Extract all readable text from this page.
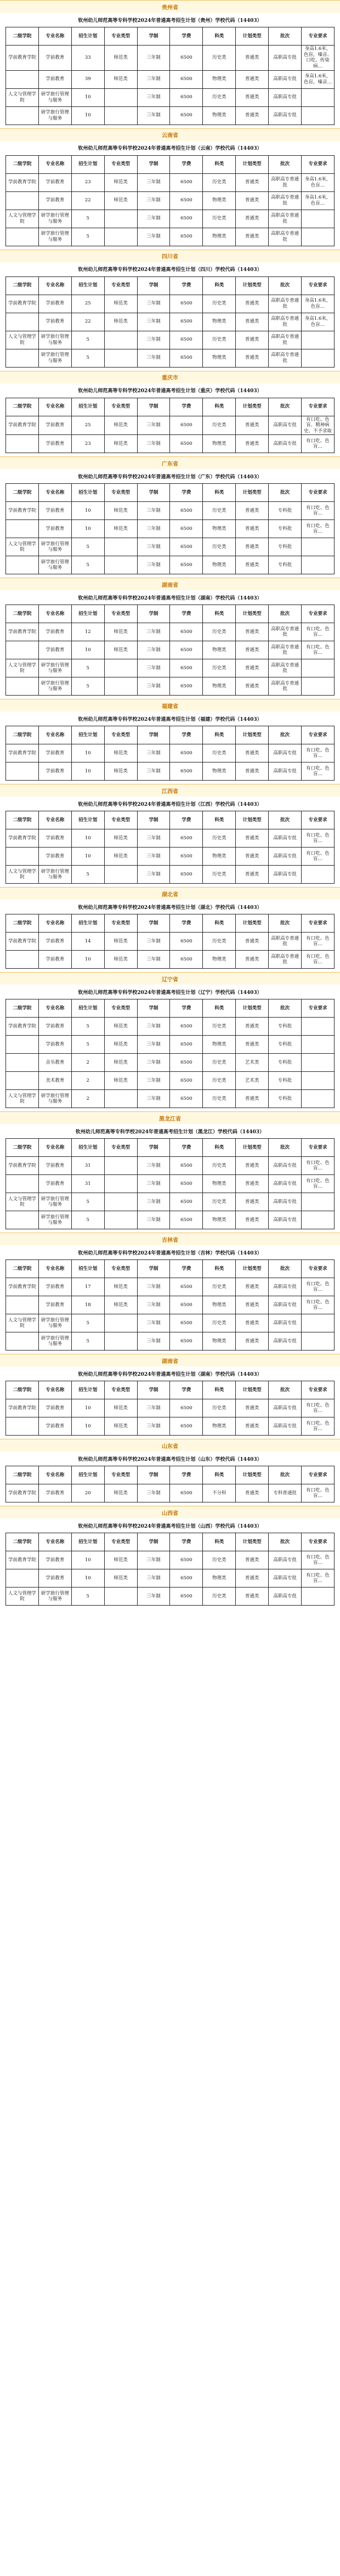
贵州省
钦州幼儿师范高等专科学校2024年普通高考招生计划（贵州）学校代码（14403）
二级学院	专业名称	招生计划	专业类型	学制	学费	科类	计划类型	批次	专业要求
学前教育学院	学前教育	33	师范类	三年制	6500	历史类	普通类	高职高专批	身高1.6米，色盲，嗓音、口吃、传染病…
	学前教育	39	师范类	三年制	6500	物理类	普通类	高职高专批	身高1.6米，色盲，嗓音…
人文与管理学院	研学旅行管理与服务	10		三年制	6500	历史类	普通类	高职高专批	
	研学旅行管理与服务	10		三年制	6500	物理类	普通类	高职高专批	
云南省
钦州幼儿师范高等专科学校2024年普通高考招生计划（云南）学校代码（14403）
二级学院	专业名称	招生计划	专业类型	学制	学费	科类	计划类型	批次	专业要求
学前教育学院	学前教育	23	师范类	三年制	6500	历史类	普通类	高职高专普通批	身高1.6米，色盲…
	学前教育	22	师范类	三年制	6500	物理类	普通类	高职高专普通批	身高1.6米，色盲…
人文与管理学院	研学旅行管理与服务	5		三年制	6500	历史类	普通类	高职高专普通批	
	研学旅行管理与服务	5		三年制	6500	物理类	普通类	高职高专普通批	
四川省
钦州幼儿师范高等专科学校2024年普通高考招生计划（四川）学校代码（14403）
二级学院	专业名称	招生计划	专业类型	学制	学费	科类	计划类型	批次	专业要求
学前教育学院	学前教育	25	师范类	三年制	6500	历史类	普通类	高职高专普通批	身高1.6米，色盲…
	学前教育	22	师范类	三年制	6500	物理类	普通类	高职高专普通批	身高1.6米，色盲…
人文与管理学院	研学旅行管理与服务	5		三年制	6500	历史类	普通类	高职高专普通批	
	研学旅行管理与服务	5		三年制	6500	物理类	普通类	高职高专普通批	
重庆市
钦州幼儿师范高等专科学校2024年普通高考招生计划（重庆）学校代码（14403）
二级学院	专业名称	招生计划	专业类型	学制	学费	科类	计划类型	批次	专业要求
学前教育学院	学前教育	25	师范类	三年制	6500	历史类	普通类	高职高专批	有口吃、色盲、精神病史、不予录取
	学前教育	23	师范类	三年制	6500	物理类	普通类	高职高专批	有口吃、色盲…
广东省
钦州幼儿师范高等专科学校2024年普通高考招生计划（广东）学校代码（14403）
二级学院	专业名称	招生计划	专业类型	学制	学费	科类	计划类型	批次	专业要求
学前教育学院	学前教育	10	师范类	三年制	6500	历史类	普通类	专科批	有口吃、色盲…
	学前教育	10	师范类	三年制	6500	物理类	普通类	专科批	有口吃、色盲…
人文与管理学院	研学旅行管理与服务	5		三年制	6500	历史类	普通类	专科批	
	研学旅行管理与服务	5		三年制	6500	物理类	普通类	专科批	
湖南省
钦州幼儿师范高等专科学校2024年普通高考招生计划（湖南）学校代码（14403）
二级学院	专业名称	招生计划	专业类型	学制	学费	科类	计划类型	批次	专业要求
学前教育学院	学前教育	12	师范类	三年制	6500	历史类	普通类	高职高专普通批	有口吃、色盲…
	学前教育	10	师范类	三年制	6500	物理类	普通类	高职高专普通批	有口吃、色盲…
人文与管理学院	研学旅行管理与服务	5		三年制	6500	历史类	普通类	高职高专普通批	
	研学旅行管理与服务	5		三年制	6500	物理类	普通类	高职高专普通批	
福建省
钦州幼儿师范高等专科学校2024年普通高考招生计划（福建）学校代码（14403）
二级学院	专业名称	招生计划	专业类型	学制	学费	科类	计划类型	批次	专业要求
学前教育学院	学前教育	10	师范类	三年制	6500	历史类	普通类	高职高专批	有口吃、色盲…
	学前教育	10	师范类	三年制	6500	物理类	普通类	高职高专批	有口吃、色盲…
江西省
钦州幼儿师范高等专科学校2024年普通高考招生计划（江西）学校代码（14403）
二级学院	专业名称	招生计划	专业类型	学制	学费	科类	计划类型	批次	专业要求
学前教育学院	学前教育	10	师范类	三年制	6500	历史类	普通类	高职高专批	有口吃、色盲…
	学前教育	10	师范类	三年制	6500	物理类	普通类	高职高专批	有口吃、色盲…
人文与管理学院	研学旅行管理与服务	5		三年制	6500	历史类	普通类	高职高专批	
湖北省
钦州幼儿师范高等专科学校2024年普通高考招生计划（湖北）学校代码（14403）
二级学院	专业名称	招生计划	专业类型	学制	学费	科类	计划类型	批次	专业要求
学前教育学院	学前教育	14	师范类	三年制	6500	历史类	普通类	高职高专普通批	有口吃、色盲…
	学前教育	10	师范类	三年制	6500	物理类	普通类	高职高专普通批	有口吃、色盲…
辽宁省
钦州幼儿师范高等专科学校2024年普通高考招生计划（辽宁）学校代码（14403）
二级学院	专业名称	招生计划	专业类型	学制	学费	科类	计划类型	批次	专业要求
学前教育学院	学前教育	5	师范类	三年制	6500	历史类	普通类	专科批	
	学前教育	5	师范类	三年制	6500	物理类	普通类	专科批	
	音乐教育	2	师范类	三年制	6500	历史类	艺术类	专科批	
	美术教育	2	师范类	三年制	6500	历史类	艺术类	专科批	
人文与管理学院	研学旅行管理与服务	2		三年制	6500	历史类	普通类	专科批	
黑龙江省
钦州幼儿师范高等专科学校2024年普通高考招生计划（黑龙江）学校代码（14403）
二级学院	专业名称	招生计划	专业类型	学制	学费	科类	计划类型	批次	专业要求
学前教育学院	学前教育	31		三年制	6500	历史类	普通类	高职高专批	有口吃、色盲…
	学前教育	31		三年制	6500	物理类	普通类	高职高专批	有口吃、色盲…
人文与管理学院	研学旅行管理与服务	5		三年制	6500	历史类	普通类	高职高专批	
	研学旅行管理与服务	5		三年制	6500	物理类	普通类	高职高专批	
吉林省
钦州幼儿师范高等专科学校2024年普通高考招生计划（吉林）学校代码（14403）
二级学院	专业名称	招生计划	专业类型	学制	学费	科类	计划类型	批次	专业要求
学前教育学院	学前教育	17	师范类	三年制	6500	历史类	普通类	高职高专批	有口吃、色盲…
	学前教育	18	师范类	三年制	6500	物理类	普通类	高职高专批	有口吃、色盲…
人文与管理学院	研学旅行管理与服务	5		三年制	6500	历史类	普通类	高职高专批	
	研学旅行管理与服务	5		三年制	6500	物理类	普通类	高职高专批	
湖南省
钦州幼儿师范高等专科学校2024年普通高考招生计划（湖南）学校代码（14403）
二级学院	专业名称	招生计划	专业类型	学制	学费	科类	计划类型	批次	专业要求
学前教育学院	学前教育	10	师范类	三年制	6500	历史类	普通类	高职高专批	有口吃、色盲…
	学前教育	10	师范类	三年制	6500	物理类	普通类	高职高专批	有口吃、色盲…
山东省
钦州幼儿师范高等专科学校2024年普通高考招生计划（山东）学校代码（14403）
二级学院	专业名称	招生计划	专业类型	学制	学费	科类	计划类型	批次	专业要求
学前教育学院	学前教育	20	师范类	三年制	6500	不分科	普通类	专科普通批	有口吃、色盲…
山西省
钦州幼儿师范高等专科学校2024年普通高考招生计划（山西）学校代码（14403）
二级学院	专业名称	招生计划	专业类型	学制	学费	科类	计划类型	批次	专业要求
学前教育学院	学前教育	10	师范类	三年制	6500	历史类	普通类	高职高专批	有口吃、色盲…
	学前教育	10	师范类	三年制	6500	物理类	普通类	高职高专批	有口吃、色盲…
人文与管理学院	研学旅行管理与服务	5		三年制	6500	历史类	普通类	高职高专批	
